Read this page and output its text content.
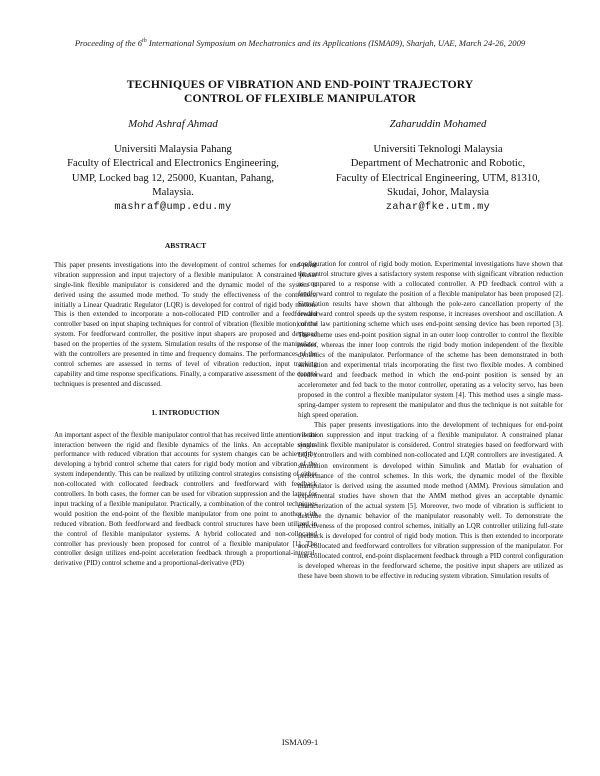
Proceeding of the 6th International Symposium on Mechatronics and its Applications (ISMA09), Sharjah, UAE, March 24-26, 2009
TECHNIQUES OF VIBRATION AND END-POINT TRAJECTORY
CONTROL OF FLEXIBLE MANIPULATOR
Mohd Ashraf Ahmad
Universiti Malaysia Pahang
Faculty of Electrical and Electronics Engineering,
UMP, Locked bag 12, 25000, Kuantan, Pahang,
Malaysia.
mashraf@ump.edu.my
Zaharuddin Mohamed
Universiti Teknologi Malaysia
Department of Mechatronic and Robotic,
Faculty of Electrical Engineering, UTM, 81310,
Skudai, Johor, Malaysia
zahar@fke.utm.my
ABSTRACT

This paper presents investigations into the development of control schemes for end-point vibration suppression and input trajectory of a flexible manipulator. A constrained planar single-link flexible manipulator is considered and the dynamic model of the system is derived using the assumed mode method. To study the effectiveness of the controllers, initially a Linear Quadratic Regulator (LQR) is developed for control of rigid body motion. This is then extended to incorporate a non-collocated PID controller and a feedforward controller based on input shaping techniques for control of vibration (flexible motion) of the system. For feedforward controller, the positive input shapers are proposed and designed based on the properties of the system. Simulation results of the response of the manipulator with the controllers are presented in time and frequency domains. The performances of the control schemes are assessed in terms of level of vibration reduction, input tracking capability and time response specifications. Finally, a comparative assessment of the control techniques is presented and discussed.

1. INTRODUCTION

An important aspect of the flexible manipulator control that has received little attention is the interaction between the rigid and flexible dynamics of the links. An acceptable system performance with reduced vibration that accounts for system changes can be achieved by developing a hybrid control scheme that caters for rigid body motion and vibration of the system independently. This can be realized by utilizing control strategies consisting of either non-collocated with collocated feedback controllers and feedforward with feedback controllers. In both cases, the former can be used for vibration suppression and the latter for input tracking of a flexible manipulator. Practically, a combination of the control techniques would position the end-point of the flexible manipulator from one point to another with reduced vibration. Both feedforward and feedback control structures have been utilized in the control of flexible manipulator systems. A hybrid collocated and non-collocated controller has previously been proposed for control of a flexible manipulator [1]. The controller design utilizes end-point acceleration feedback through a proportional-integral-derivative (PID) control scheme and a proportional-derivative (PD)

configuration for control of rigid body motion. Experimental investigations have shown that the control structure gives a satisfactory system response with significant vibration reduction as compared to a response with a collocated controller. A PD feedback control with a feedforward control to regulate the position of a flexible manipulator has been proposed [2]. Simulation results have shown that although the pole-zero cancellation property of the feedforward control speeds up the system response, it increases overshoot and oscillation. A control law partitioning scheme which uses end-point sensing device has been reported [3]. The scheme uses end-point position signal in an outer loop controller to control the flexible modes, whereas the inner loop controls the rigid body motion independent of the flexible dynamics of the manipulator. Performance of the scheme has been demonstrated in both simulation and experimental trials incorporating the first two flexible modes. A combined feedforward and feedback method in which the end-point position is sensed by an accelerometer and fed back to the motor controller, operating as a velocity servo, has been proposed in the control a flexible manipulator system [4]. This method uses a single mass-spring-damper system to represent the manipulator and thus the technique is not suitable for high speed operation.

This paper presents investigations into the development of techniques for end-point vibration suppression and input tracking of a flexible manipulator. A constrained planar single-link flexible manipulator is considered. Control strategies based on feedforward with LQR controllers and with combined non-collocated and LQR controllers are investigated. A simulation environment is developed within Simulink and Matlab for evaluation of performance of the control schemes. In this work, the dynamic model of the flexible manipulator is derived using the assumed mode method (AMM). Previous simulation and experimental studies have shown that the AMM method gives an acceptable dynamic characterization of the actual system [5]. Moreover, two mode of vibration is sufficient to describe the dynamic behavior of the manipulator reasonably well. To demonstrate the effectiveness of the proposed control schemes, initially an LQR controller utilizing full-state feedback is developed for control of rigid body motion. This is then extended to incorporate non-collocated and feedforward controllers for vibration suppression of the manipulator. For non-collocated control, end-point displacement feedback through a PID control configuration is developed whereas in the feedforward scheme, the positive input shapers are utilized as these have been shown to be effective in reducing system vibration. Simulation results of

ISMA09-1
